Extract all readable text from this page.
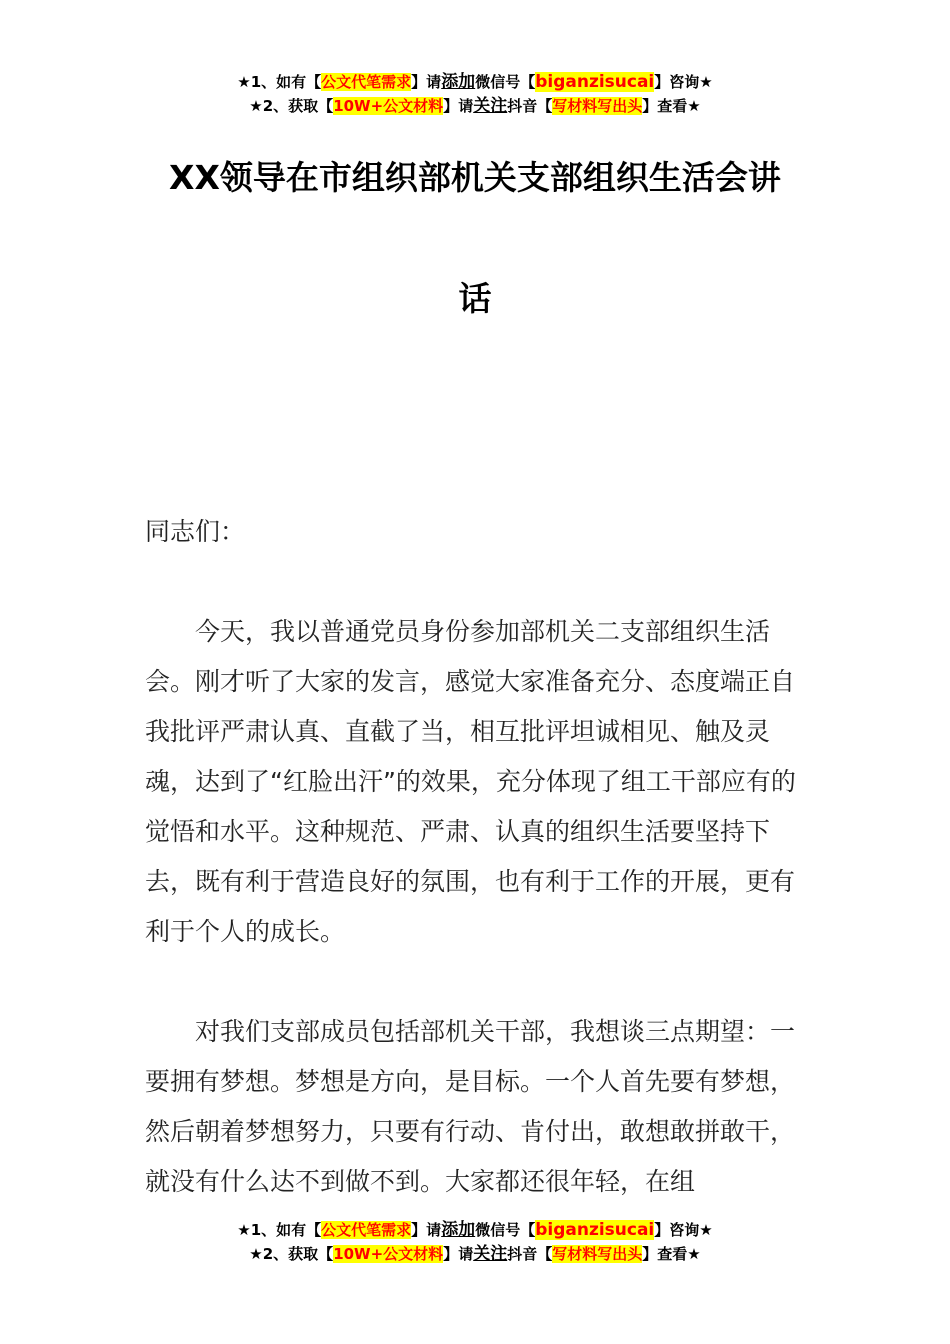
★1、如有【公文代笔需求】请添加微信号【biganzisucai】咨询★
★2、获取【10W+公文材料】请关注抖音【写材料写出头】查看★
XX领导在市组织部机关支部组织生活会讲
话

同志们：

今天，我以普通党员身份参加部机关二支部组织生活会。刚才听了大家的发言，感觉大家准备充分、态度端正自我批评严肃认真、直截了当，相互批评坦诚相见、触及灵魂，达到了“红脸出汗”的效果，充分体现了组工干部应有的觉悟和水平。这种规范、严肃、认真的组织生活要坚持下去，既有利于营造良好的氛围，也有利于工作的开展，更有利于个人的成长。

对我们支部成员包括部机关干部，我想谈三点期望：一要拥有梦想。梦想是方向，是目标。一个人首先要有梦想，然后朝着梦想努力，只要有行动、肯付出，敢想敢拼敢干，就没有什么达不到做不到。大家都还很年轻，在组

★1、如有【公文代笔需求】请添加微信号【biganzisucai】咨询★
★2、获取【10W+公文材料】请关注抖音【写材料写出头】查看★
